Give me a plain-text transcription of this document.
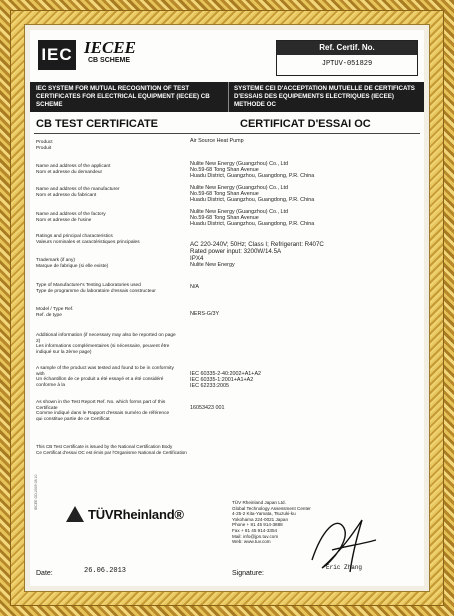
IEC IECEE
CB SCHEME
Ref. Certif. No.
JPTUV-051829
IEC SYSTEM FOR MUTUAL RECOGNITION OF TEST CERTIFICATES FOR ELECTRICAL EQUIPMENT (IECEE) CB SCHEME
SYSTEME CEI D'ACCEPTATION MUTUELLE DE CERTIFICATS D'ESSAIS DES EQUIPEMENTS ELECTRIQUES (IECEE) METHODE OC
CB TEST CERTIFICATE	CERTIFICAT D'ESSAI OC
Product
Produit
Air Source Heat Pump
Name and address of the applicant
Nom et adresse du demandeur
Nulite New Energy (Guangzhou) Co., Ltd
No.59-68 Tong Shan Avenue
Huadu District, Guangzhou, Guangdong, P.R. China
Name and address of the manufacturer
Nom et adresse du fabricant
Nulite New Energy (Guangzhou) Co., Ltd
No.59-68 Tong Shan Avenue
Huadu District, Guangzhou, Guangdong, P.R. China
Name and address of the factory
Nom et adresse de l'usine
Nulite New Energy (Guangzhou) Co., Ltd
No.59-68 Tong Shan Avenue
Huadu District, Guangzhou, Guangdong, P.R. China
Ratings and principal characteristics
Valeurs nominales et caractéristiques principales	AC 220-240V; 50Hz; Class I; Refrigerant: R407C
Rated power input: 3200W/14.5A
IPX4
Trademark (if any)
Marque de fabrique (si elle existe)	Nulite New Energy
Type of Manufacturer's Testing Laboratories used
Type de programme du laboratoire d'essais constructeur
N/A
Model / Type Ref.
Ref. de type	NERS-G/3Y
Additional information (if necessary may also be reported on page 2)
Les informations complémentaires (si nécessaire, peuvent être indiqué sur la 2ème page)
A sample of the product was tested and found to be in conformity with
Un échantillon de ce produit a été essayé et a été considéré conforme à la
IEC 60335-2-40:2002+A1+A2
IEC 60335-1:2001+A1+A2
IEC 62233:2005
As shown in the Test Report Ref. No. which forms part of this Certificate
Comme indiqué dans le Rapport d'essais numéro de référence qui constitue partie de ce Certificat
16053423 001
This CB Test Certificate is issued by the National Certification Body
Ce Certificat d'essai OC est émis par l'Organisme National de Certification
TÜVRheinland®
TÜV Rheinland Japan Ltd.
Global Technology Assessment Center
4-25-2 Kita-Yamata, Tsuzuki-ku
Yokohama 224-0021 Japan
Phone + 81 45 914-3888
Fax + 81 45 914-3354
Mail: info@jpn.tuv.com
Web: www.tuv.com
Date:	26.06.2013	Signature:
Eric Zhang
IECEE OD-2009 08.10
